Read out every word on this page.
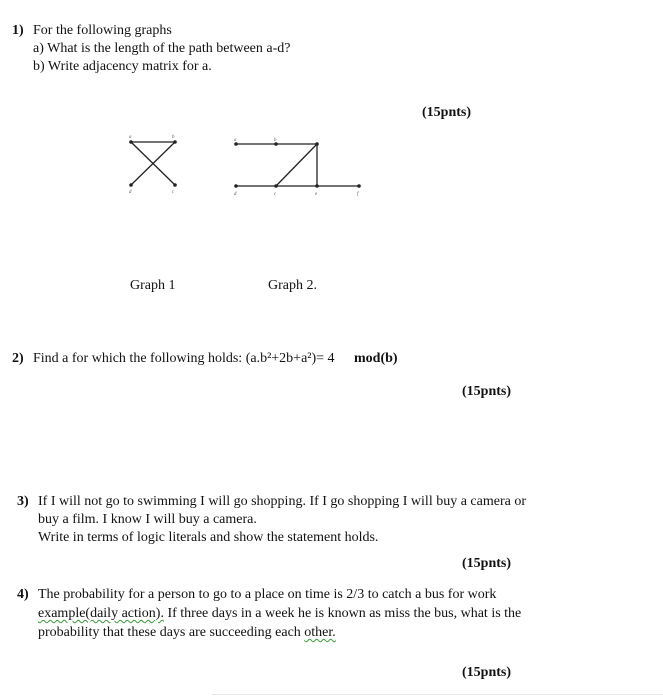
1) For the following graphs
a) What is the length of the path between a-d?
b) Write adjacency matrix for a.
(15pnts)
a	b
d	c
a	b
d	c	e	f
Graph 1	Graph 2.
2) Find a for which the following holds: (a.b²+2b+a²)= 4 mod(b)
(15pnts)
3) If I will not go to swimming I will go shopping. If I go shopping I will buy a camera or
buy a film. I know I will buy a camera.
Write in terms of logic literals and show the statement holds.
(15pnts)
4) The probability for a person to go to a place on time is 2/3 to catch a bus for work
example(daily action). If three days in a week he is known as miss the bus, what is the
probability that these days are succeeding each other.
(15pnts)
